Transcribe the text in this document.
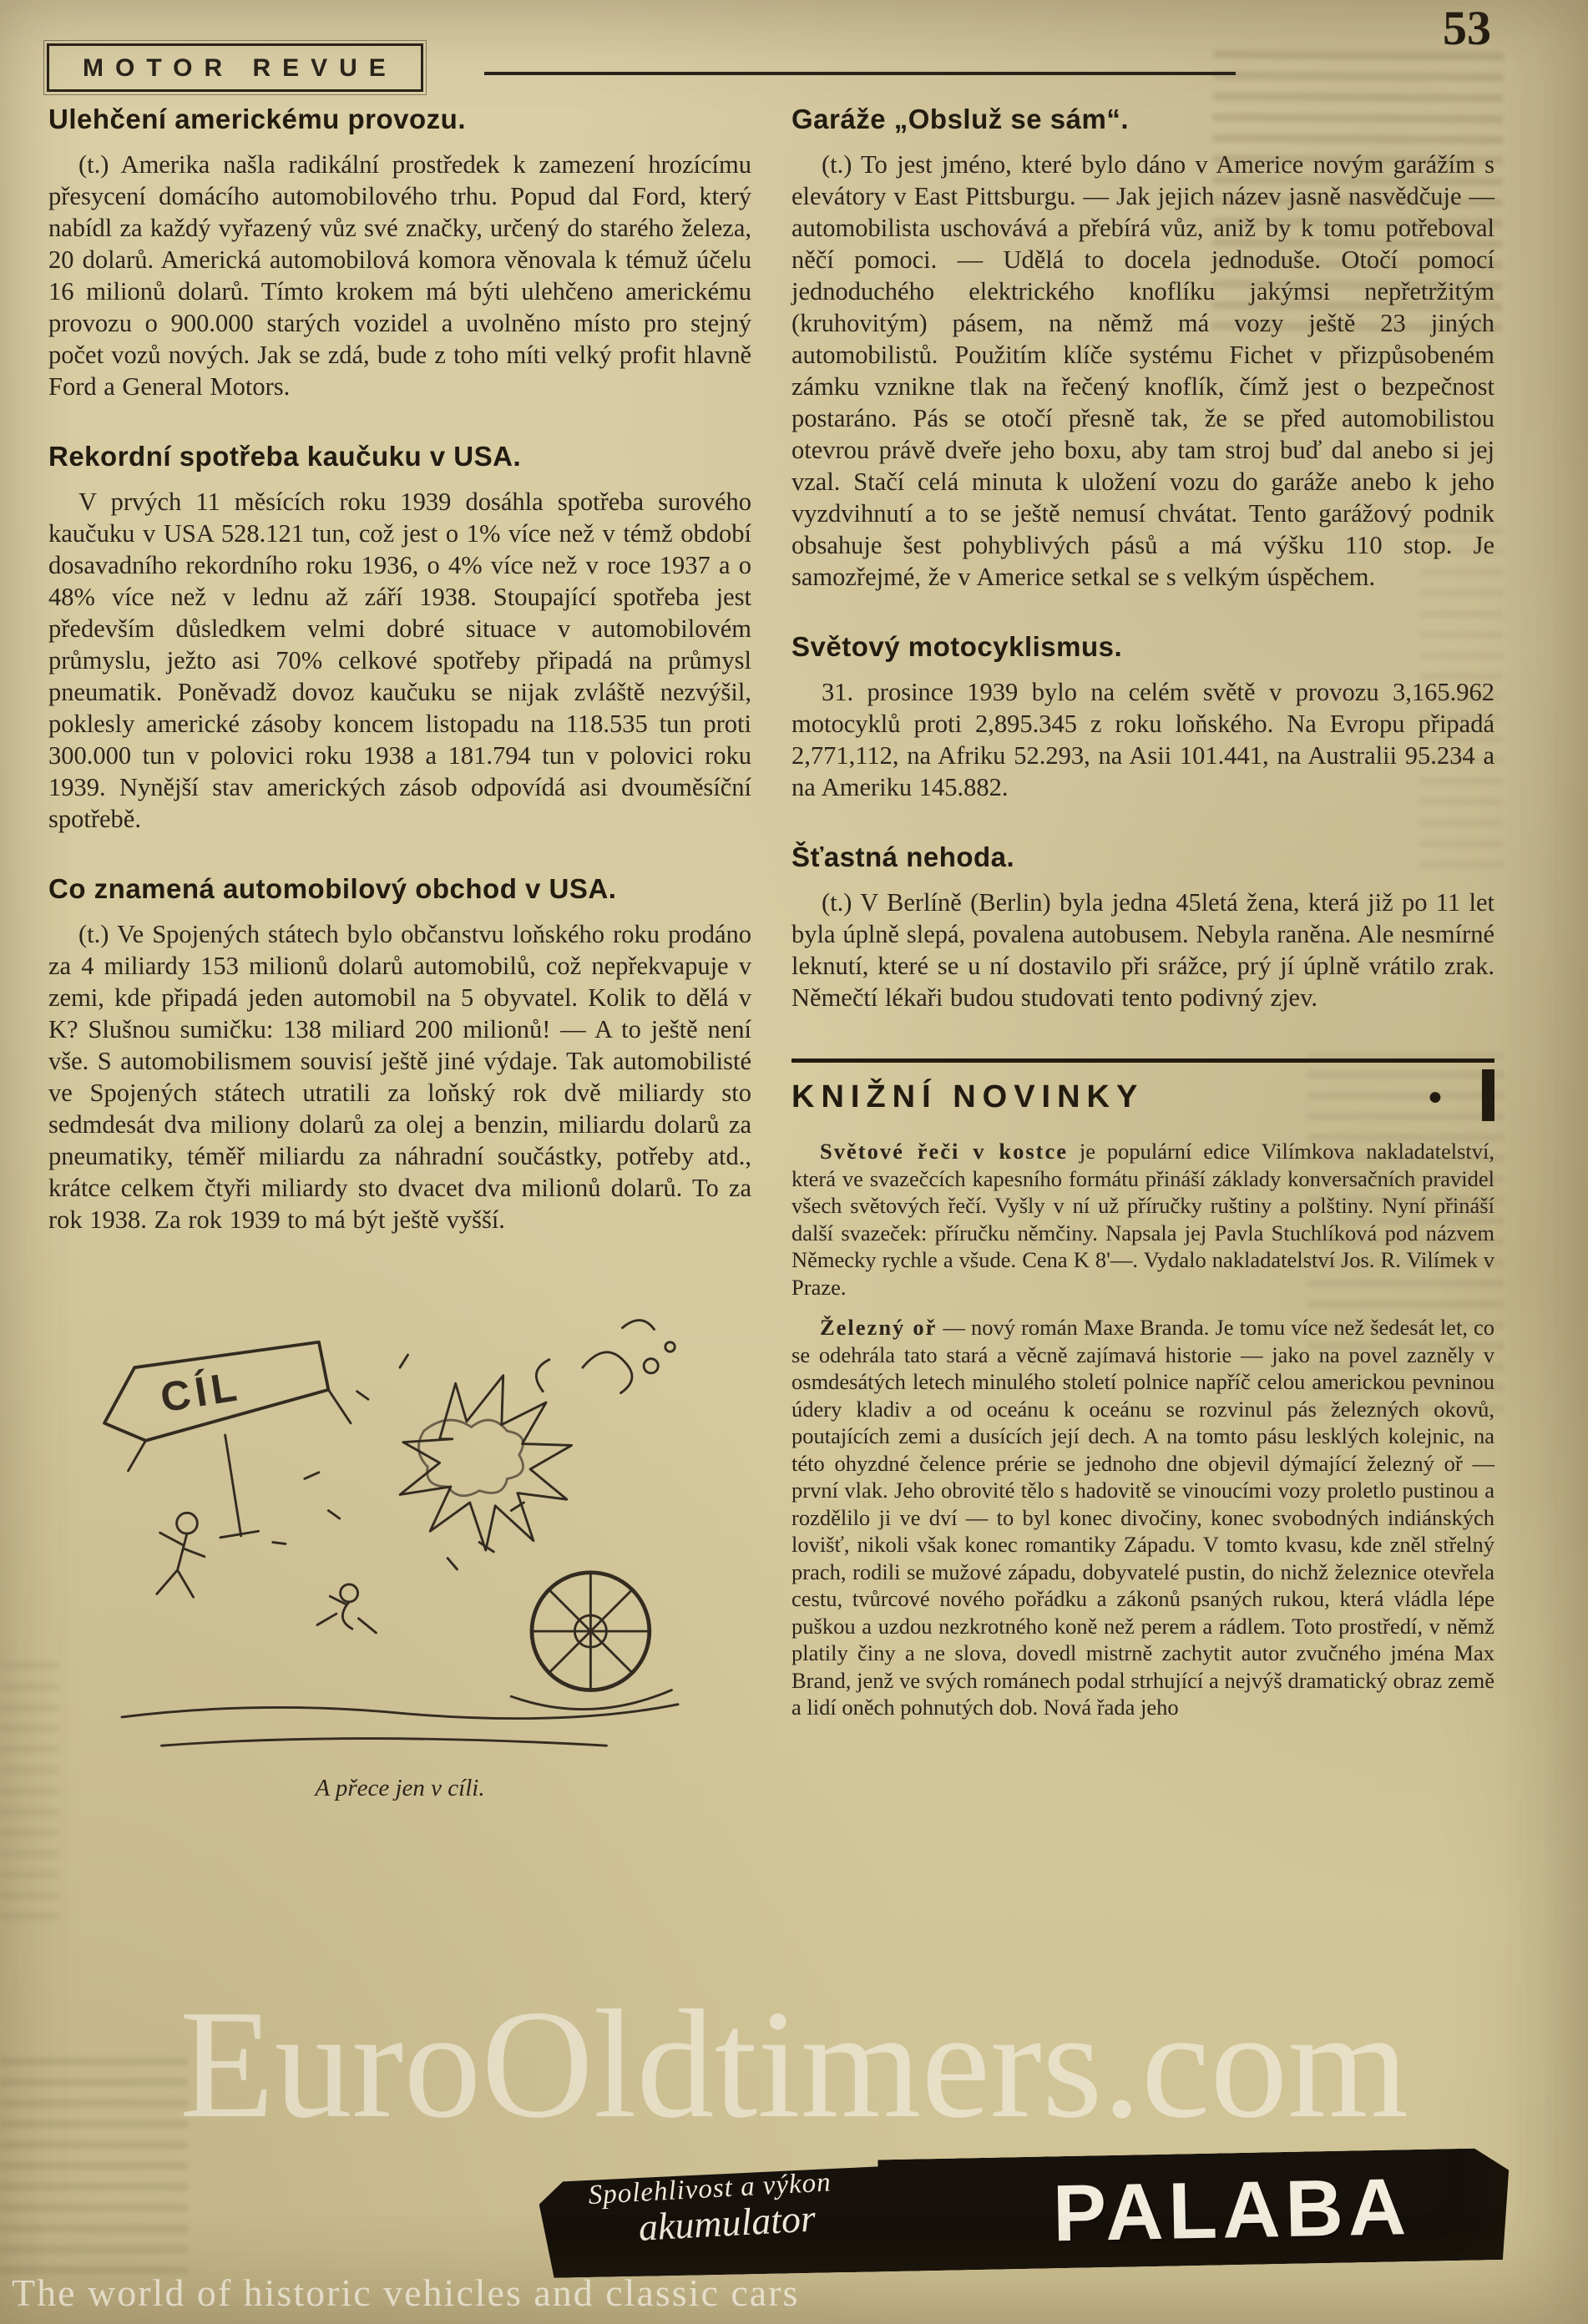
MOTOR REVUE
53
Ulehčení americkému provozu.

(t.) Amerika našla radikální prostředek k zamezení hrozícímu přesycení domácího automobilového trhu. Popud dal Ford, který nabídl za každý vyřazený vůz své značky, určený do starého železa, 20 dolarů. Americká automobilová komora věnovala k témuž účelu 16 milionů dolarů. Tímto krokem má býti ulehčeno americkému provozu o 900.000 starých vozidel a uvolněno místo pro stejný počet vozů nových. Jak se zdá, bude z toho míti velký profit hlavně Ford a General Motors.

Rekordní spotřeba kaučuku v USA.

V prvých 11 měsících roku 1939 dosáhla spotřeba surového kaučuku v USA 528.121 tun, což jest o 1% více než v témž období dosavadního rekordního roku 1936, o 4% více než v roce 1937 a o 48% více než v lednu až září 1938. Stoupající spotřeba jest především důsledkem velmi dobré situace v automobilovém průmyslu, ježto asi 70% celkové spotřeby připadá na průmysl pneumatik. Poněvadž dovoz kaučuku se nijak zvláště nezvýšil, poklesly americké zásoby koncem listopadu na 118.535 tun proti 300.000 tun v polovici roku 1938 a 181.794 tun v polovici roku 1939. Nynější stav amerických zásob odpovídá asi dvouměsíční spotřebě.

Co znamená automobilový obchod v USA.

(t.) Ve Spojených státech bylo občanstvu loňského roku prodáno za 4 miliardy 153 milionů dolarů automobilů, což nepřekvapuje v zemi, kde připadá jeden automobil na 5 obyvatel. Kolik to dělá v K? Slušnou sumičku: 138 miliard 200 milionů! — A to ještě není vše. S automobilismem souvisí ještě jiné výdaje. Tak automobilisté ve Spojených státech utratili za loňský rok dvě miliardy sto sedmdesát dva miliony dolarů za olej a benzin, miliardu dolarů za pneumatiky, téměř miliardu za náhradní součástky, potřeby atd., krátce celkem čtyři miliardy sto dvacet dva milionů dolarů. To za rok 1938. Za rok 1939 to má být ještě vyšší.

CÍL
A přece jen v cíli.
Garáže „Obsluž se sám“.

(t.) To jest jméno, které bylo dáno v Americe novým garážím s elevátory v East Pittsburgu. — Jak jejich název jasně nasvědčuje — automobilista uschovává a přebírá vůz, aniž by k tomu potřeboval něčí pomoci. — Udělá to docela jednoduše. Otočí pomocí jednoduchého elektrického knoflíku jakýmsi nepřetržitým (kruhovitým) pásem, na němž má vozy ještě 23 jiných automobilistů. Použitím klíče systému Fichet v přizpůsobeném zámku vznikne tlak na řečený knoflík, čímž jest o bezpečnost postaráno. Pás se otočí přesně tak, že se před automobilistou otevrou právě dveře jeho boxu, aby tam stroj buď dal anebo si jej vzal. Stačí celá minuta k uložení vozu do garáže anebo k jeho vyzdvihnutí a to se ještě nemusí chvátat. Tento garážový podnik obsahuje šest pohyblivých pásů a má výšku 110 stop. Je samozřejmé, že v Americe setkal se s velkým úspěchem.

Světový motocyklismus.

31. prosince 1939 bylo na celém světě v provozu 3,165.962 motocyklů proti 2,895.345 z roku loňského. Na Evropu připadá 2,771,112, na Afriku 52.293, na Asii 101.441, na Australii 95.234 a na Ameriku 145.882.

Šťastná nehoda.

(t.) V Berlíně (Berlin) byla jedna 45letá žena, která již po 11 let byla úplně slepá, povalena autobusem. Nebyla raněna. Ale nesmírné leknutí, které se u ní dostavilo při srážce, prý jí úplně vrátilo zrak. Němečtí lékaři budou studovati tento podivný zjev.

KNIŽNÍ NOVINKY	●

Světové řeči v kostce je populární edice Vilímkova nakladatelství, která ve svazečcích kapesního formátu přináší základy konversačních pravidel všech světových řečí. Vyšly v ní už příručky ruštiny a polštiny. Nyní přináší další svazeček: příručku němčiny. Napsala jej Pavla Stuchlíková pod názvem Německy rychle a všude. Cena K 8'—. Vydalo nakladatelství Jos. R. Vilímek v Praze.

Železný oř — nový román Maxe Branda. Je tomu více než šedesát let, co se odehrála tato stará a věcně zajímavá historie — jako na povel zazněly v osmdesátých letech minulého století polnice napříč celou americkou pevninou údery kladiv a od oceánu k oceánu se rozvinul pás železných okovů, poutajících zemi a dusících její dech. A na tomto pásu lesklých kolejnic, na této ohyzdné čelence prérie se jednoho dne objevil dýmající železný oř — první vlak. Jeho obrovité tělo s hadovitě se vinoucími vozy proletlo pustinou a rozdělilo ji ve dví — to byl konec divočiny, konec svobodných indiánských lovišť, nikoli však konec romantiky Západu. V tomto kvasu, kde zněl střelný prach, rodili se mužové západu, dobyvatelé pustin, do nichž železnice otevřela cestu, tvůrcové nového pořádku a zákonů psaných rukou, která vládla lépe puškou a uzdou nezkrotného koně než perem a rádlem. Toto prostředí, v němž platily činy a ne slova, dovedl mistrně zachytit autor zvučného jména Max Brand, jenž ve svých románech podal strhující a nejvýš dramatický obraz země a lidí oněch pohnutých dob. Nová řada jeho

Spolehlivost a výkon
akumulator	PALABA
EuroOldtimers.com
The world of historic vehicles and classic cars
